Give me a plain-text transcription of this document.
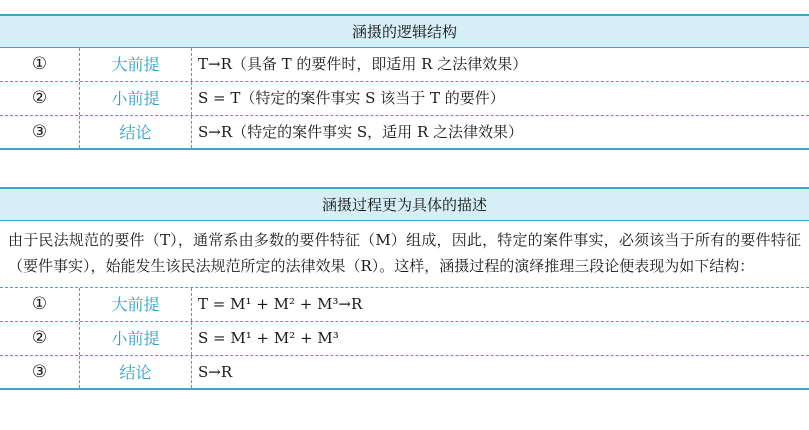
涵摄的逻辑结构
①	大前提	T→R（具备 T 的要件时，即适用 R 之法律效果）
②	小前提	S = T（特定的案件事实 S 该当于 T 的要件）
③	结论	S→R（特定的案件事实 S，适用 R 之法律效果）
涵摄过程更为具体的描述
由于民法规范的要件（T），通常系由多数的要件特征（M）组成，因此，特定的案件事实，必须该当于所有的要件特征（要件事实），始能发生该民法规范所定的法律效果（R）。这样，涵摄过程的演绎推理三段论便表现为如下结构：
①	大前提	T = M¹ + M² + M³→R
②	小前提	S = M¹ + M² + M³
③	结论	S→R
